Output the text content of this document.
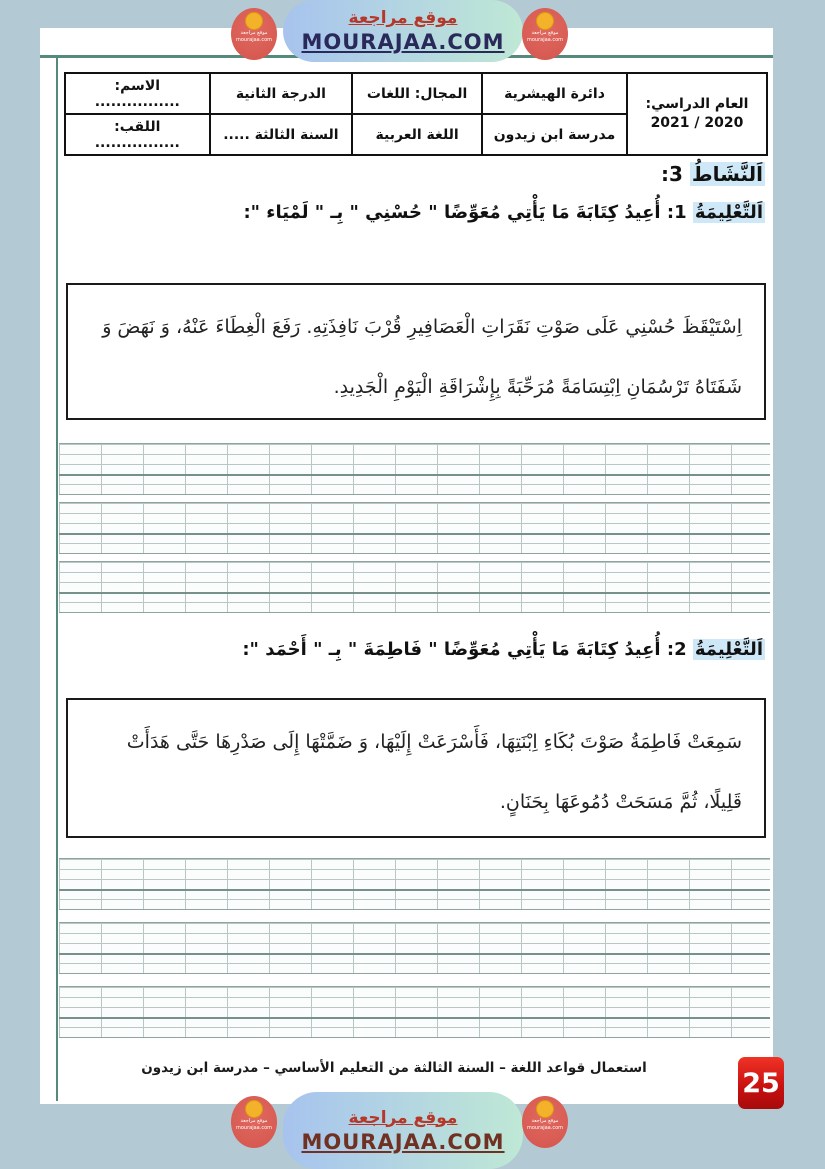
موقع مراجعة
MOURAJAA.COM
موقع مراجعة
mourajaa.com
موقع مراجعة
mourajaa.com
العام الدراسي:
2021 / 2020	دائرة الهيشرية	المجال: اللغات	الدرجة الثانية	الاسم: ................
	مدرسة ابن زيدون	اللغة العربية	السنة الثالثة .....	اللقب: ................
اَلنَّشَاطُ 3:
اَلتَّعْلِيمَةُ 1: أُعِيدُ كِتَابَةَ مَا يَأْتِي مُعَوِّضًا " حُسْنِي " بِـ " لَمْيَاء ":
اِسْتَيْقَظَ حُسْنِي عَلَى صَوْتِ نَقَرَاتِ الْعَصَافِيرِ قُرْبَ نَافِذَتِهِ. رَفَعَ الْغِطَاءَ عَنْهُ، وَ نَهَضَ وَ شَفَتَاهُ تَرْسُمَانِ اِبْتِسَامَةً مُرَحِّبَةً بِإِشْرَاقَةِ الْيَوْمِ الْجَدِيدِ.
اَلتَّعْلِيمَةُ 2: أُعِيدُ كِتَابَةَ مَا يَأْتِي مُعَوِّضًا " فَاطِمَةَ " بِـ " أَحْمَد ":
سَمِعَتْ فَاطِمَةُ صَوْتَ بُكَاءِ اِبْنَتِهَا، فَأَسْرَعَتْ إِلَيْهَا، وَ ضَمَّتْهَا إِلَى صَدْرِهَا حَتَّى هَدَأَتْ قَلِيلًا، ثُمَّ مَسَحَتْ دُمُوعَهَا بِحَنَانٍ.
استعمال قواعد اللغة – السنة الثالثة من التعليم الأساسي – مدرسة ابن زيدون	25
موقع مراجعة
MOURAJAA.COM
موقع مراجعة
mourajaa.com
موقع مراجعة
mourajaa.com
